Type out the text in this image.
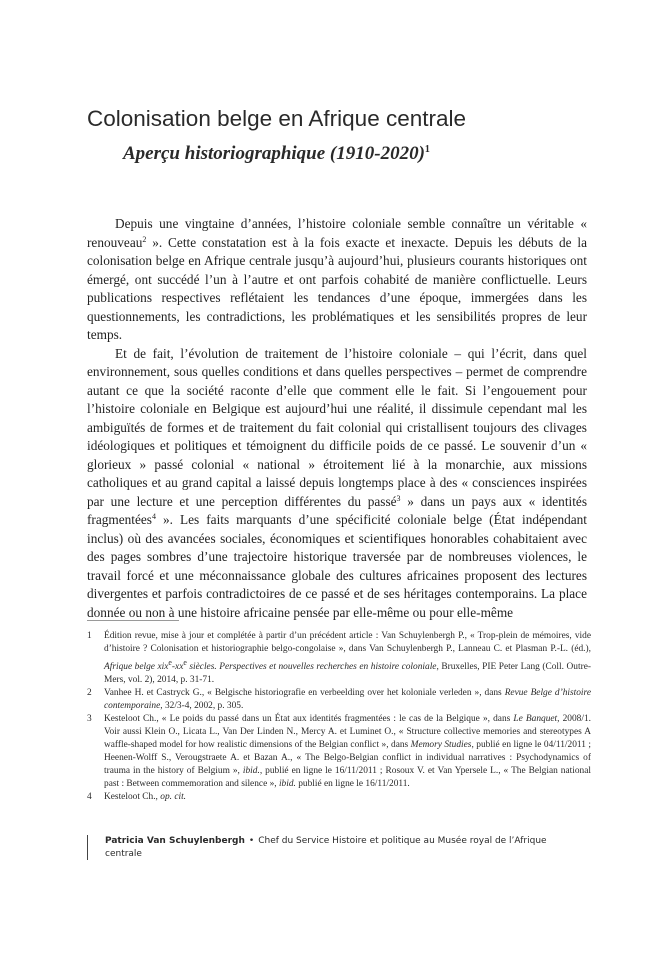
Colonisation belge en Afrique centrale
Aperçu historiographique (1910-2020)$^1$

Depuis une vingtaine d’années, l’histoire coloniale semble connaître un véritable « renouveau$^2$ ». Cette constatation est à la fois exacte et inexacte. Depuis les débuts de la colonisation belge en Afrique centrale jusqu’à aujourd’hui, plusieurs courants historiques ont émergé, ont succédé l’un à l’autre et ont parfois cohabité de manière conflictuelle. Leurs publications respectives reflétaient les tendances d’une époque, immergées dans les questionnements, les contradictions, les problématiques et les sensibilités propres de leur temps.

Et de fait, l’évolution de traitement de l’histoire coloniale – qui l’écrit, dans quel environnement, sous quelles conditions et dans quelles perspectives – permet de comprendre autant ce que la société raconte d’elle que comment elle le fait. Si l’engouement pour l’histoire coloniale en Belgique est aujourd’hui une réalité, il dissimule cependant mal les ambiguïtés de formes et de traitement du fait colonial qui cristallisent toujours des clivages idéologiques et politiques et témoignent du difficile poids de ce passé. Le souvenir d’un « glorieux » passé colonial « national » étroitement lié à la monarchie, aux missions catholiques et au grand capital a laissé depuis longtemps place à des « consciences inspirées par une lecture et une perception différentes du passé$^3$ » dans un pays aux « identités fragmentées$^4$ ». Les faits marquants d’une spécificité coloniale belge (État indépendant inclus) où des avancées sociales, économiques et scientifiques honorables cohabitaient avec des pages sombres d’une trajectoire historique traversée par de nombreuses violences, le travail forcé et une méconnaissance globale des cultures africaines proposent des lectures divergentes et parfois contradictoires de ce passé et de ses héritages contemporains. La place donnée ou non à une histoire africaine pensée par elle-même ou pour elle-même

1 Édition revue, mise à jour et complétée à partir d’un précédent article : Van Schuylenbergh P., « Trop-plein de mémoires, vide d’histoire ? Colonisation et historiographie belgo-congolaise », dans Van Schuylenbergh P., Lanneau C. et Plasman P.-L. (éd.), Afrique belge $xix^e-xx^e$ siècles. Perspectives et nouvelles recherches en histoire coloniale, Bruxelles, PIE Peter Lang (Coll. Outre-Mers, vol. 2), 2014, p. 31-71.

2 Vanhee H. et Castryck G., « Belgische historiografie en verbeelding over het koloniale verleden », dans Revue Belge d’histoire contemporaine, 32/3-4, 2002, p. 305.

3 Kesteloot Ch., « Le poids du passé dans un État aux identités fragmentées : le cas de la Belgique », dans Le Banquet, 2008/1. Voir aussi Klein O., Licata L., Van Der Linden N., Mercy A. et Luminet O., « Structure collective memories and stereotypes A waffle-shaped model for how realistic dimensions of the Belgian conflict », dans Memory Studies, publié en ligne le 04/11/2011 ; Heenen-Wolff S., Verougstraete A. et Bazan A., « The Belgo-Belgian conflict in individual narratives : Psychodynamics of trauma in the history of Belgium », ibid., publié en ligne le 16/11/2011 ; Rosoux V. et Van Ypersele L., « The Belgian national past : Between commemoration and silence », ibid. publié en ligne le 16/11/2011.

4 Kesteloot Ch., op. cit.

Patricia Van Schuylenbergh • Chef du Service Histoire et politique au Musée royal de l’Afrique centrale
